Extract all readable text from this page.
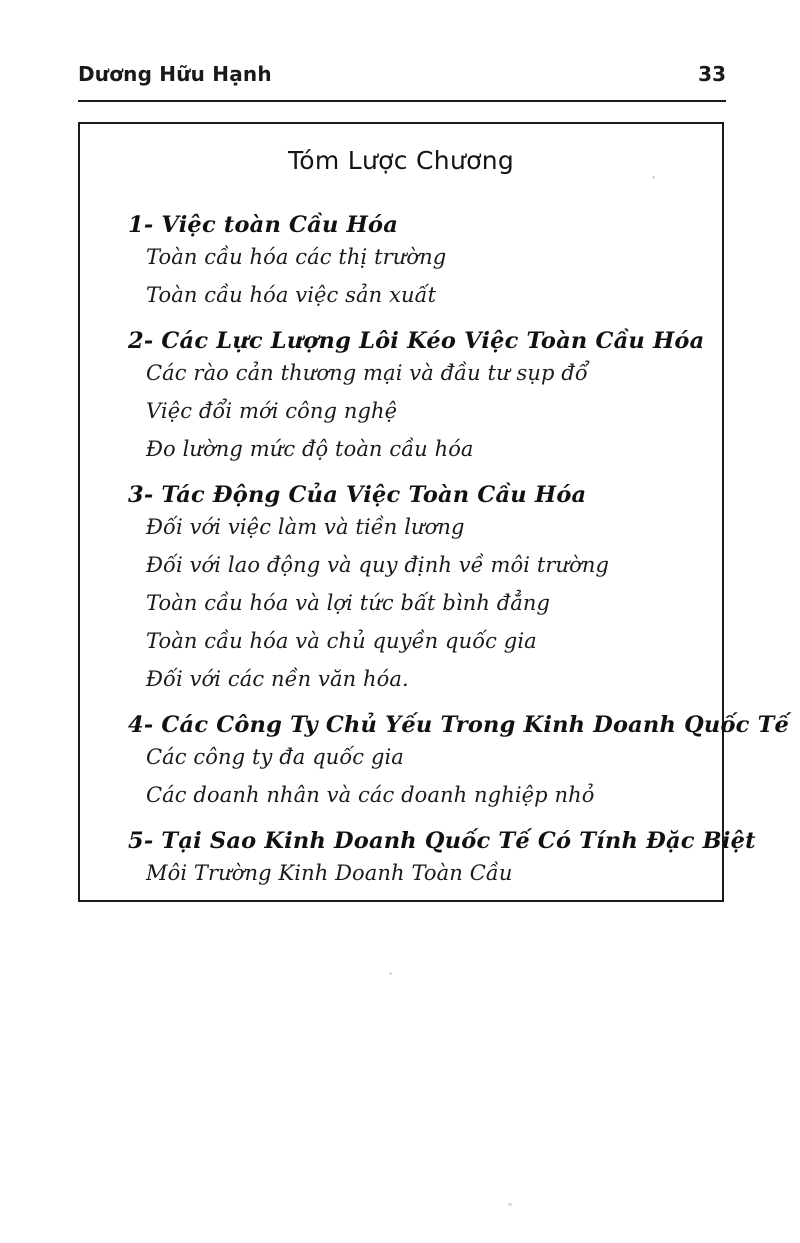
Dương Hữu Hạnh	33
Tóm Lược Chương
1- Việc toàn Cầu Hóa
Toàn cầu hóa các thị trường
Toàn cầu hóa việc sản xuất
2- Các Lực Lượng Lôi Kéo Việc Toàn Cầu Hóa
Các rào cản thương mại và đầu tư sụp đổ
Việc đổi mới công nghệ
Đo lường mức độ toàn cầu hóa
3- Tác Động Của Việc Toàn Cầu Hóa
Đối với việc làm và tiền lương
Đối với lao động và quy định về môi trường
Toàn cầu hóa và lợi tức bất bình đẳng
Toàn cầu hóa và chủ quyền quốc gia
Đối với các nền văn hóa.
4- Các Công Ty Chủ Yếu Trong Kinh Doanh Quốc Tế
Các công ty đa quốc gia
Các doanh nhân và các doanh nghiệp nhỏ
5- Tại Sao Kinh Doanh Quốc Tế Có Tính Đặc Biệt
Môi Trường Kinh Doanh Toàn Cầu
